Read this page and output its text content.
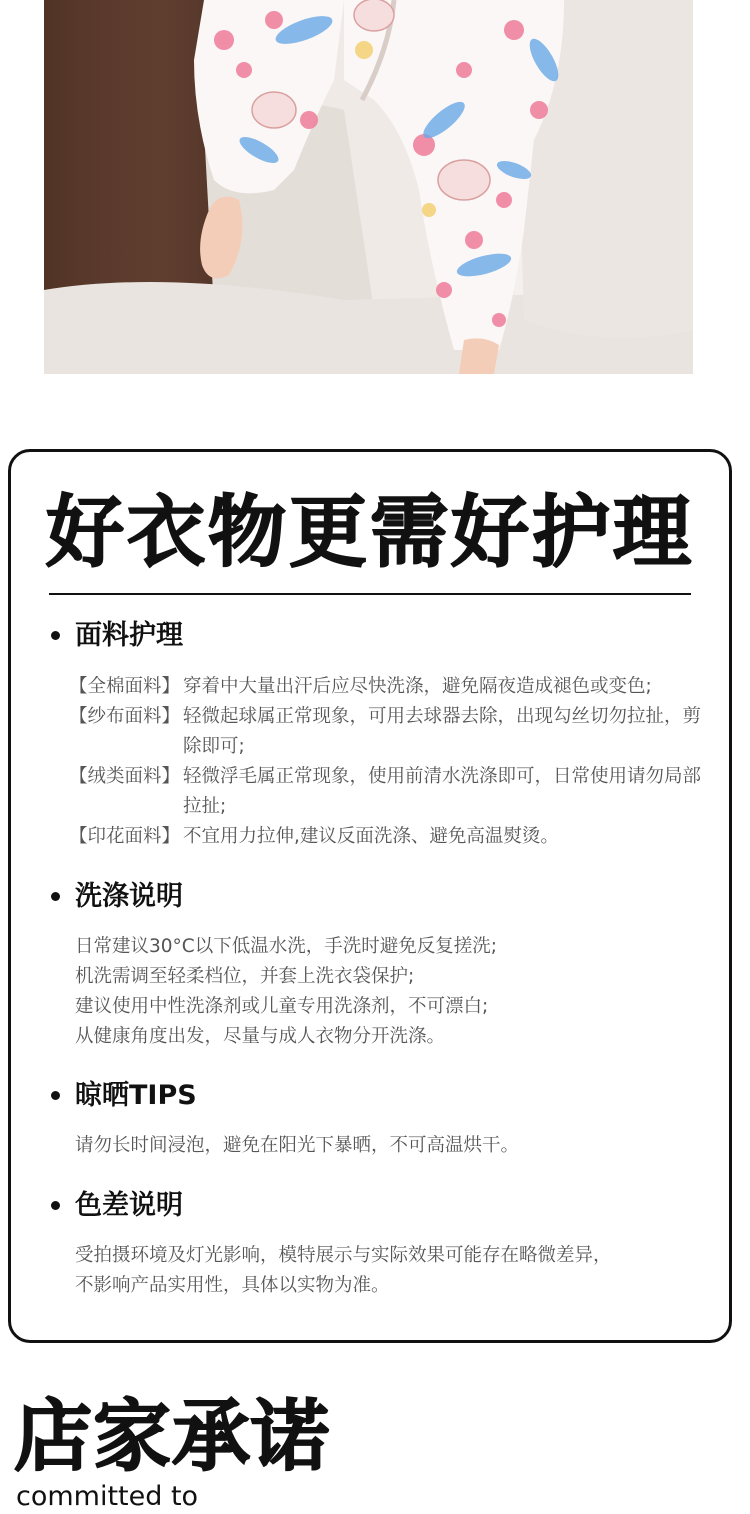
好衣物更需好护理
面料护理
【全棉面料】 穿着中大量出汗后应尽快洗涤，避免隔夜造成褪色或变色;
【纱布面料】 轻微起球属正常现象，可用去球器去除，出现勾丝切勿拉扯，剪除即可;
【绒类面料】 轻微浮毛属正常现象，使用前清水洗涤即可，日常使用请勿局部拉扯;
【印花面料】 不宜用力拉伸,建议反面洗涤、避免高温熨烫。
洗涤说明
日常建议30°C以下低温水洗，手洗时避免反复搓洗;
机洗需调至轻柔档位，并套上洗衣袋保护;
建议使用中性洗涤剂或儿童专用洗涤剂，不可漂白;
从健康角度出发，尽量与成人衣物分开洗涤。
晾晒TIPS
请勿长时间浸泡，避免在阳光下暴晒，不可高温烘干。
色差说明
受拍摄环境及灯光影响，模特展示与实际效果可能存在略微差异，
不影响产品实用性，具体以实物为准。
店家承诺
committed to
